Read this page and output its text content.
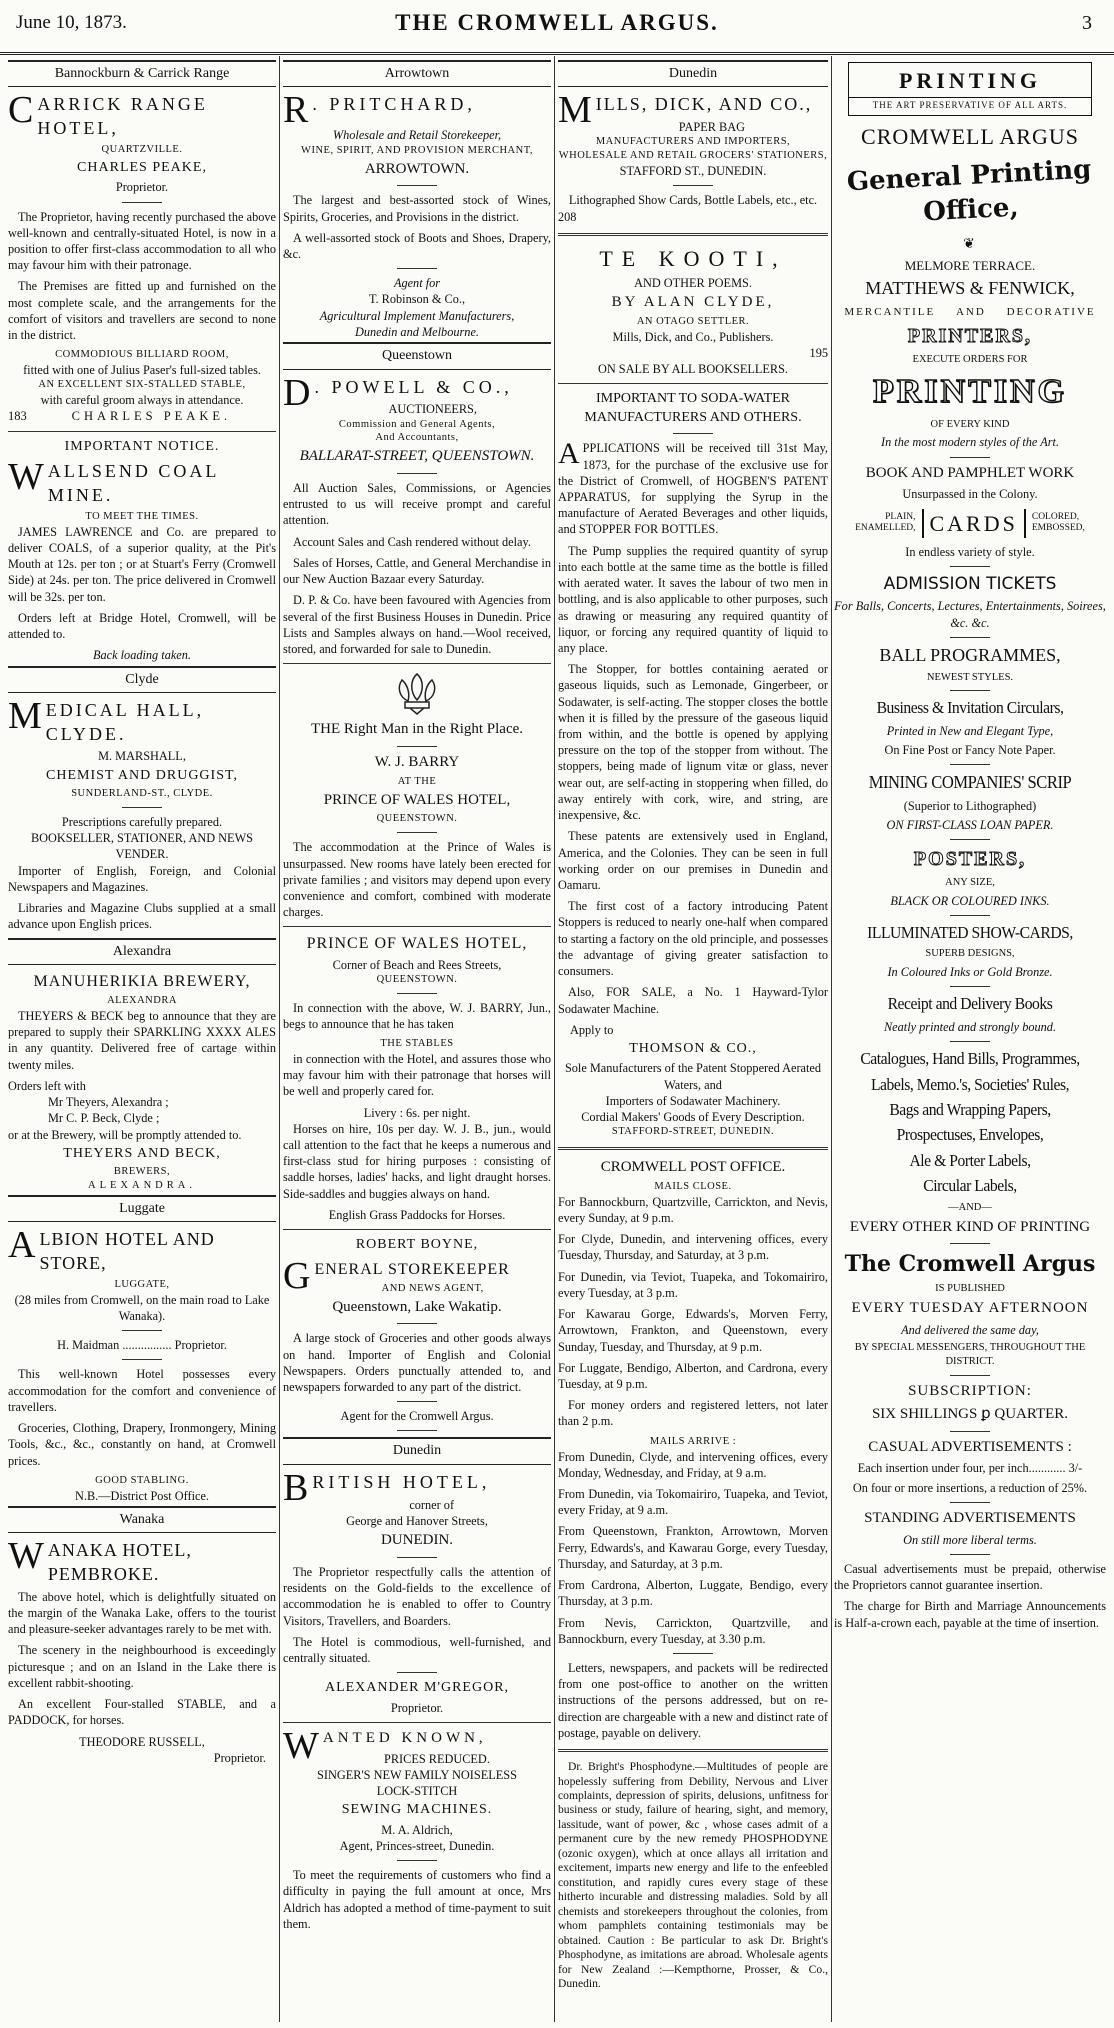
June 10, 1873.	THE CROMWELL ARGUS.	3
Bannockburn & Carrick Range
CARRICK RANGE HOTEL,
QUARTZVILLE.
CHARLES PEAKE,
Proprietor.

The Proprietor, having recently purchased the above well-known and centrally-situated Hotel, is now in a position to offer first-class accommodation to all who may favour him with their patronage.

The Premises are fitted up and furnished on the most complete scale, and the arrangements for the comfort of visitors and travellers are second to none in the district.

COMMODIOUS BILLIARD ROOM,
fitted with one of Julius Paser's full-sized tables.
AN EXCELLENT SIX-STALLED STABLE,
with careful groom always in attendance.
183	CHARLES PEAKE.
IMPORTANT NOTICE.
WALLSEND COAL MINE.
TO MEET THE TIMES.

JAMES LAWRENCE and Co. are prepared to deliver COALS, of a superior quality, at the Pit's Mouth at 12s. per ton ; or at Stuart's Ferry (Cromwell Side) at 24s. per ton. The price delivered in Cromwell will be 32s. per ton.

Orders left at Bridge Hotel, Cromwell, will be attended to.

Back loading taken.
Clyde
MEDICAL HALL, CLYDE.
M. MARSHALL,
CHEMIST AND DRUGGIST,
SUNDERLAND-ST., CLYDE.
Prescriptions carefully prepared.
BOOKSELLER, STATIONER, AND NEWS VENDER.

Importer of English, Foreign, and Colonial Newspapers and Magazines.

Libraries and Magazine Clubs supplied at a small advance upon English prices.

Alexandra
MANUHERIKIA BREWERY,
ALEXANDRA

THEYERS & BECK beg to announce that they are prepared to supply their SPARKLING XXXX ALES in any quantity. Delivered free of cartage within twenty miles.

Orders left with
Mr Theyers, Alexandra ;
Mr C. P. Beck, Clyde ;
or at the Brewery, will be promptly attended to.
THEYERS AND BECK,
BREWERS,
ALEXANDRA.
Luggate
ALBION HOTEL AND STORE,
LUGGATE,
(28 miles from Cromwell, on the main road to Lake Wanaka).
H. Maidman ................ Proprietor.

This well-known Hotel possesses every accommodation for the comfort and convenience of travellers.

Groceries, Clothing, Drapery, Ironmongery, Mining Tools, &c., &c., constantly on hand, at Cromwell prices.

GOOD STABLING.
N.B.—District Post Office.
Wanaka
WANAKA HOTEL, PEMBROKE.

The above hotel, which is delightfully situated on the margin of the Wanaka Lake, offers to the tourist and pleasure-seeker advantages rarely to be met with.

The scenery in the neighbourhood is exceedingly picturesque ; and on an Island in the Lake there is excellent rabbit-shooting.

An excellent Four-stalled STABLE, and a PADDOCK, for horses.

THEODORE RUSSELL,
Proprietor.
Arrowtown
R . PRITCHARD,
Wholesale and Retail Storekeeper,
WINE, SPIRIT, AND PROVISION MERCHANT,
ARROWTOWN.

The largest and best-assorted stock of Wines, Spirits, Groceries, and Provisions in the district.

A well-assorted stock of Boots and Shoes, Drapery, &c.

Agent for
T. Robinson & Co.,
Agricultural Implement Manufacturers,
Dunedin and Melbourne.
Queenstown
D . POWELL & CO.,
AUCTIONEERS,
Commission and General Agents,
And Accountants,
BALLARAT-STREET, QUEENSTOWN.

All Auction Sales, Commissions, or Agencies entrusted to us will receive prompt and careful attention.

Account Sales and Cash rendered without delay.

Sales of Horses, Cattle, and General Merchandise in our New Auction Bazaar every Saturday.

D. P. & Co. have been favoured with Agencies from several of the first Business Houses in Dunedin. Price Lists and Samples always on hand.—Wool received, stored, and forwarded for sale to Dunedin.

THE Right Man in the Right Place.
W. J. BARRY
AT THE
PRINCE OF WALES HOTEL,
QUEENSTOWN.

The accommodation at the Prince of Wales is unsurpassed. New rooms have lately been erected for private families ; and visitors may depend upon every convenience and comfort, combined with moderate charges.

PRINCE OF WALES HOTEL,
Corner of Beach and Rees Streets,
QUEENSTOWN.

In connection with the above, W. J. BARRY, Jun., begs to announce that he has taken

THE STABLES

in connection with the Hotel, and assures those who may favour him with their patronage that horses will be well and properly cared for.

Livery : 6s. per night.

Horses on hire, 10s per day. W. J. B., jun., would call attention to the fact that he keeps a numerous and first-class stud for hiring purposes : consisting of saddle horses, ladies' hacks, and light draught horses. Side-saddles and buggies always on hand.

English Grass Paddocks for Horses.
ROBERT BOYNE,
GENERAL STOREKEEPER
AND NEWS AGENT,
Queenstown, Lake Wakatip.

A large stock of Groceries and other goods always on hand. Importer of English and Colonial Newspapers. Orders punctually attended to, and newspapers forwarded to any part of the district.

Agent for the Cromwell Argus.
Dunedin
BRITISH HOTEL,
corner of
George and Hanover Streets,
DUNEDIN.

The Proprietor respectfully calls the attention of residents on the Gold-fields to the excellence of accommodation he is enabled to offer to Country Visitors, Travellers, and Boarders.

The Hotel is commodious, well-furnished, and centrally situated.

ALEXANDER M'GREGOR,
Proprietor.
WANTED KNOWN,
PRICES REDUCED.
SINGER'S NEW FAMILY NOISELESS
LOCK-STITCH
SEWING MACHINES.
M. A. Aldrich,
Agent, Princes-street, Dunedin.

To meet the requirements of customers who find a difficulty in paying the full amount at once, Mrs Aldrich has adopted a method of time-payment to suit them.

Dunedin
MILLS, DICK, AND CO.,
PAPER BAG
MANUFACTURERS AND IMPORTERS,
WHOLESALE AND RETAIL GROCERS' STATIONERS,
STAFFORD ST., DUNEDIN.
Lithographed Show Cards, Bottle Labels, etc., etc.
208
TE KOOTI,
AND OTHER POEMS.
BY ALAN CLYDE,
AN OTAGO SETTLER.
Mills, Dick, and Co., Publishers.
195
ON SALE BY ALL BOOKSELLERS.
IMPORTANT TO SODA-WATER MANUFACTURERS AND OTHERS.

APPLICATIONS will be received till 31st May, 1873, for the purchase of the exclusive use for the District of Cromwell, of HOGBEN'S PATENT APPARATUS, for supplying the Syrup in the manufacture of Aerated Beverages and other liquids, and STOPPER FOR BOTTLES.

The Pump supplies the required quantity of syrup into each bottle at the same time as the bottle is filled with aerated water. It saves the labour of two men in bottling, and is also applicable to other purposes, such as drawing or measuring any required quantity of liquor, or forcing any required quantity of liquid to any place.

The Stopper, for bottles containing aerated or gaseous liquids, such as Lemonade, Gingerbeer, or Sodawater, is self-acting. The stopper closes the bottle when it is filled by the pressure of the gaseous liquid from within, and the bottle is opened by applying pressure on the top of the stopper from without. The stoppers, being made of lignum vitæ or glass, never wear out, are self-acting in stoppering when filled, do away entirely with cork, wire, and string, are inexpensive, &c.

These patents are extensively used in England, America, and the Colonies. They can be seen in full working order on our premises in Dunedin and Oamaru.

The first cost of a factory introducing Patent Stoppers is reduced to nearly one-half when compared to starting a factory on the old principle, and possesses the advantage of giving greater satisfaction to consumers.

Also, FOR SALE, a No. 1 Hayward-Tylor Sodawater Machine.

Apply to
THOMSON & CO.,
Sole Manufacturers of the Patent Stoppered Aerated Waters, and
Importers of Sodawater Machinery.
Cordial Makers' Goods of Every Description.
STAFFORD-STREET, DUNEDIN.
CROMWELL POST OFFICE.
MAILS CLOSE.

For Bannockburn, Quartzville, Carrickton, and Nevis, every Sunday, at 9 p.m.

For Clyde, Dunedin, and intervening offices, every Tuesday, Thursday, and Saturday, at 3 p.m.

For Dunedin, via Teviot, Tuapeka, and Tokomairiro, every Tuesday, at 3 p.m.

For Kawarau Gorge, Edwards's, Morven Ferry, Arrowtown, Frankton, and Queenstown, every Sunday, Tuesday, and Thursday, at 9 p.m.

For Luggate, Bendigo, Alberton, and Cardrona, every Tuesday, at 9 p.m.

For money orders and registered letters, not later than 2 p.m.

MAILS ARRIVE :

From Dunedin, Clyde, and intervening offices, every Monday, Wednesday, and Friday, at 9 a.m.

From Dunedin, via Tokomairiro, Tuapeka, and Teviot, every Friday, at 9 a.m.

From Queenstown, Frankton, Arrowtown, Morven Ferry, Edwards's, and Kawarau Gorge, every Tuesday, Thursday, and Saturday, at 3 p.m.

From Cardrona, Alberton, Luggate, Bendigo, every Thursday, at 3 p.m.

From Nevis, Carrickton, Quartzville, and Bannockburn, every Tuesday, at 3.30 p.m.

Letters, newspapers, and packets will be redirected from one post-office to another on the written instructions of the persons addressed, but on re-direction are chargeable with a new and distinct rate of postage, payable on delivery.

Dr. Bright's Phosphodyne.—Multitudes of people are hopelessly suffering from Debility, Nervous and Liver complaints, depression of spirits, delusions, unfitness for business or study, failure of hearing, sight, and memory, lassitude, want of power, &c , whose cases admit of a permanent cure by the new remedy PHOSPHODYNE (ozonic oxygen), which at once allays all irritation and excitement, imparts new energy and life to the enfeebled constitution, and rapidly cures every stage of these hitherto incurable and distressing maladies. Sold by all chemists and storekeepers throughout the colonies, from whom pamphlets containing testimonials may be obtained. Caution : Be particular to ask Dr. Bright's Phosphodyne, as imitations are abroad. Wholesale agents for New Zealand :—Kempthorne, Prosser, & Co., Dunedin.

PRINTING
THE ART PRESERVATIVE OF ALL ARTS.
CROMWELL ARGUS
General Printing Office,
❦
MELMORE TERRACE.
MATTHEWS & FENWICK,
MERCANTILE AND DECORATIVE
PRINTERS,
EXECUTE ORDERS FOR
PRINTING
OF EVERY KIND
In the most modern styles of the Art.
BOOK AND PAMPHLET WORK
Unsurpassed in the Colony.
PLAIN,
ENAMELLED, CARDS	COLORED,
EMBOSSED,
In endless variety of style.
ADMISSION TICKETS
For Balls, Concerts, Lectures, Entertainments, Soirees, &c. &c.
BALL PROGRAMMES,
NEWEST STYLES.
Business & Invitation Circulars,
Printed in New and Elegant Type,
On Fine Post or Fancy Note Paper.
MINING COMPANIES' SCRIP
(Superior to Lithographed)
ON FIRST-CLASS LOAN PAPER.
POSTERS,
ANY SIZE,
BLACK OR COLOURED INKS.
ILLUMINATED SHOW-CARDS,
SUPERB DESIGNS,
In Coloured Inks or Gold Bronze.
Receipt and Delivery Books
Neatly printed and strongly bound.
Catalogues, Hand Bills, Programmes,
Labels, Memo.'s, Societies' Rules,
Bags and Wrapping Papers,
Prospectuses, Envelopes,
Ale & Porter Labels,
Circular Labels,
—AND—
EVERY OTHER KIND OF PRINTING
The Cromwell Argus
IS PUBLISHED
EVERY TUESDAY AFTERNOON
And delivered the same day,
BY SPECIAL MESSENGERS, THROUGHOUT THE DISTRICT.
SUBSCRIPTION:
SIX SHILLINGS ꝑ QUARTER.
CASUAL ADVERTISEMENTS :
Each insertion under four, per inch............ 3/-
On four or more insertions, a reduction of 25%.
STANDING ADVERTISEMENTS
On still more liberal terms.

Casual advertisements must be prepaid, otherwise the Proprietors cannot guarantee insertion.

The charge for Birth and Marriage Announcements is Half-a-crown each, payable at the time of insertion.
